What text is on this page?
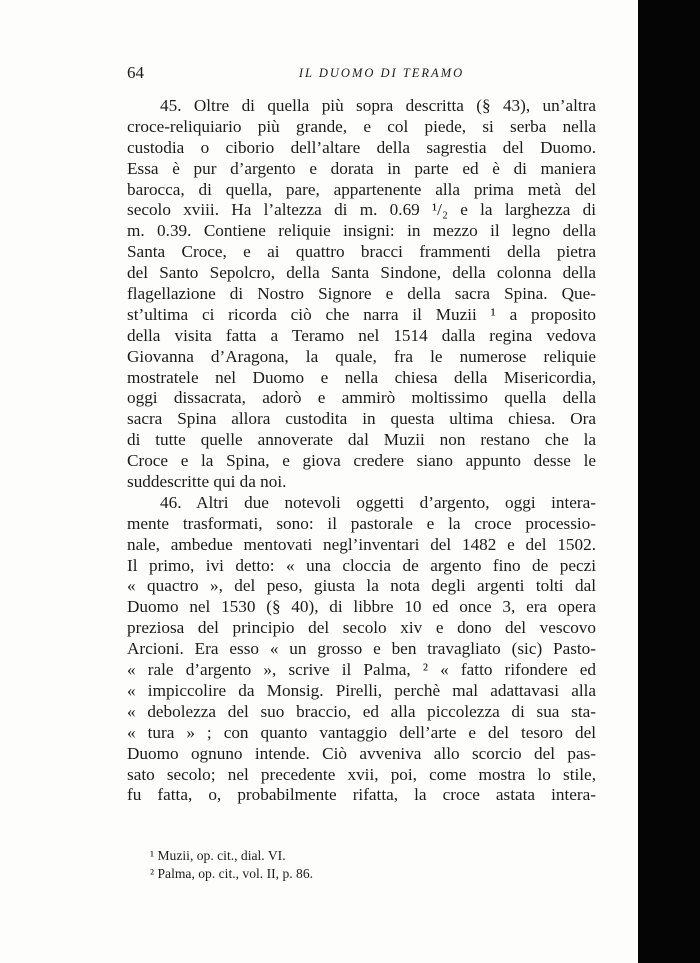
64	IL DUOMO DI TERAMO
45. Oltre di quella più sopra descritta (§ 43), un’altra
croce-reliquiario più grande, e col piede, si serba nella
custodia o ciborio dell’altare della sagrestia del Duomo.
Essa è pur d’argento e dorata in parte ed è di maniera
barocca, di quella, pare, appartenente alla prima metà del
secolo xviii. Ha l’altezza di m. 0.69 ¹/₂ e la larghezza di
m. 0.39. Contiene reliquie insigni: in mezzo il legno della
Santa Croce, e ai quattro bracci frammenti della pietra
del Santo Sepolcro, della Santa Sindone, della colonna della
flagellazione di Nostro Signore e della sacra Spina. Que-
st’ultima ci ricorda ciò che narra il Muzii ¹ a proposito
della visita fatta a Teramo nel 1514 dalla regina vedova
Giovanna d’Aragona, la quale, fra le numerose reliquie
mostratele nel Duomo e nella chiesa della Misericordia,
oggi dissacrata, adorò e ammirò moltissimo quella della
sacra Spina allora custodita in questa ultima chiesa. Ora
di tutte quelle annoverate dal Muzii non restano che la
Croce e la Spina, e giova credere siano appunto desse le
suddescritte qui da noi.
46. Altri due notevoli oggetti d’argento, oggi intera-
mente trasformati, sono: il pastorale e la croce processio-
nale, ambedue mentovati negl’inventari del 1482 e del 1502.
Il primo, ivi detto: « una cloccia de argento fino de peczi
« quactro », del peso, giusta la nota degli argenti tolti dal
Duomo nel 1530 (§ 40), di libbre 10 ed once 3, era opera
preziosa del principio del secolo xiv e dono del vescovo
Arcioni. Era esso « un grosso e ben travagliato (sic) Pasto-
« rale d’argento », scrive il Palma, ² « fatto rifondere ed
« impiccolire da Monsig. Pirelli, perchè mal adattavasi alla
« debolezza del suo braccio, ed alla piccolezza di sua sta-
« tura » ; con quanto vantaggio dell’arte e del tesoro del
Duomo ognuno intende. Ciò avveniva allo scorcio del pas-
sato secolo; nel precedente xvii, poi, come mostra lo stile,
fu fatta, o, probabilmente rifatta, la croce astata intera-
¹ Muzii, op. cit., dial. VI.
² Palma, op. cit., vol. II, p. 86.
